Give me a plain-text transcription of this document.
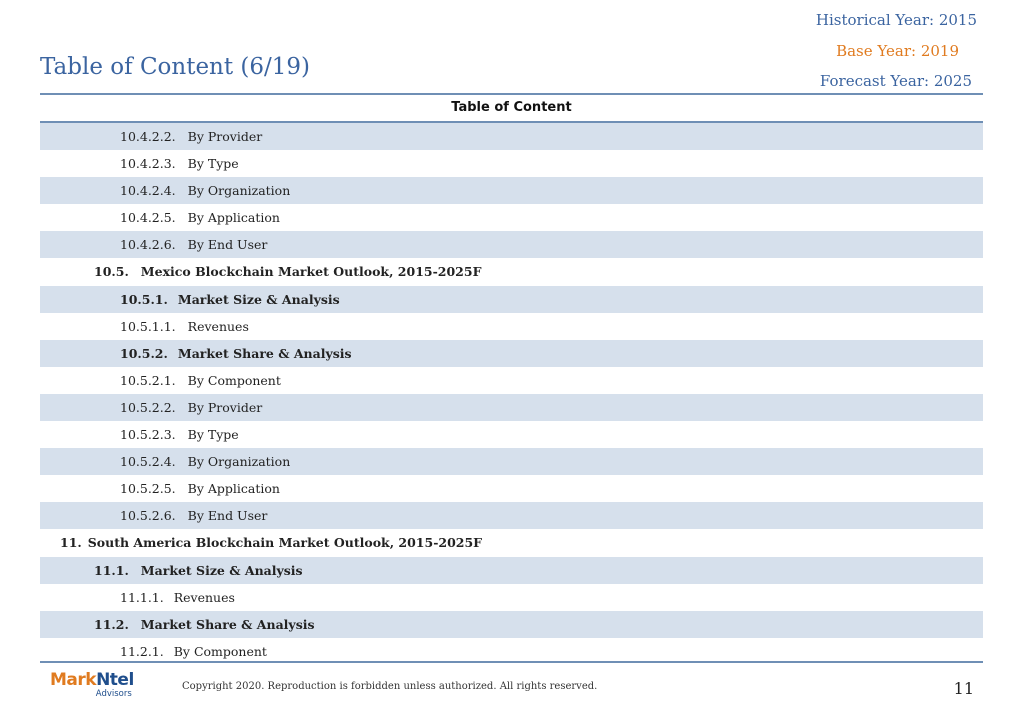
Historical Year: 2015
Base Year: 2019
Forecast Year: 2025
Table of Content (6/19)
Table of Content
10.4.2.2. By Provider
10.4.2.3. By Type
10.4.2.4. By Organization
10.4.2.5. By Application
10.4.2.6. By End User
10.5. Mexico Blockchain Market Outlook, 2015-2025F
10.5.1. Market Size & Analysis
10.5.1.1. Revenues
10.5.2. Market Share & Analysis
10.5.2.1. By Component
10.5.2.2. By Provider
10.5.2.3. By Type
10.5.2.4. By Organization
10.5.2.5. By Application
10.5.2.6. By End User
11. South America Blockchain Market Outlook, 2015-2025F
11.1. Market Size & Analysis
11.1.1. Revenues
11.2. Market Share & Analysis
11.2.1. By Component
MarkNtel
Advisors
Copyright 2020. Reproduction is forbidden unless authorized. All rights reserved.	11
